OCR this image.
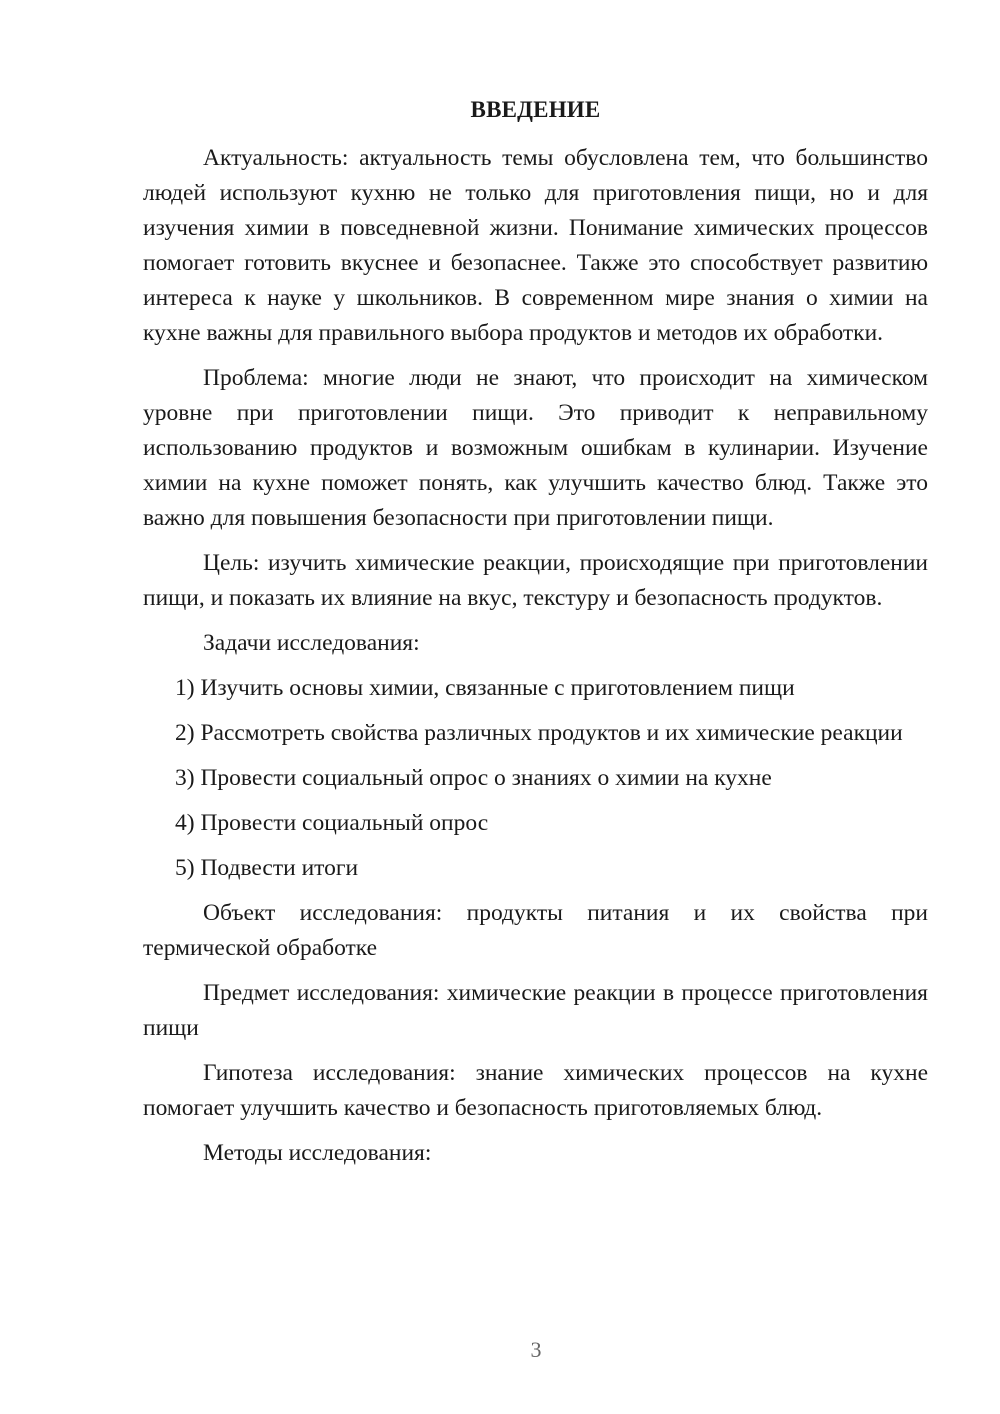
ВВЕДЕНИЕ

Актуальность: актуальность темы обусловлена тем, что большинство людей используют кухню не только для приготовления пищи, но и для изучения химии в повседневной жизни. Понимание химических процессов помогает готовить вкуснее и безопаснее. Также это способствует развитию интереса к науке у школьников. В современном мире знания о химии на кухне важны для правильного выбора продуктов и методов их обработки.

Проблема: многие люди не знают, что происходит на химическом уровне при приготовлении пищи. Это приводит к неправильному использованию продуктов и возможным ошибкам в кулинарии. Изучение химии на кухне поможет понять, как улучшить качество блюд. Также это важно для повышения безопасности при приготовлении пищи.

Цель: изучить химические реакции, происходящие при приготовлении пищи, и показать их влияние на вкус, текстуру и безопасность продуктов.

Задачи исследования:

1) Изучить основы химии, связанные с приготовлением пищи

2) Рассмотреть свойства различных продуктов и их химические реакции

3) Провести социальный опрос о знаниях о химии на кухне

4) Провести социальный опрос

5) Подвести итоги

Объект исследования: продукты питания и их свойства при термической обработке

Предмет исследования: химические реакции в процессе приготовления пищи

Гипотеза исследования: знание химических процессов на кухне помогает улучшить качество и безопасность приготовляемых блюд.

Методы исследования:

3
